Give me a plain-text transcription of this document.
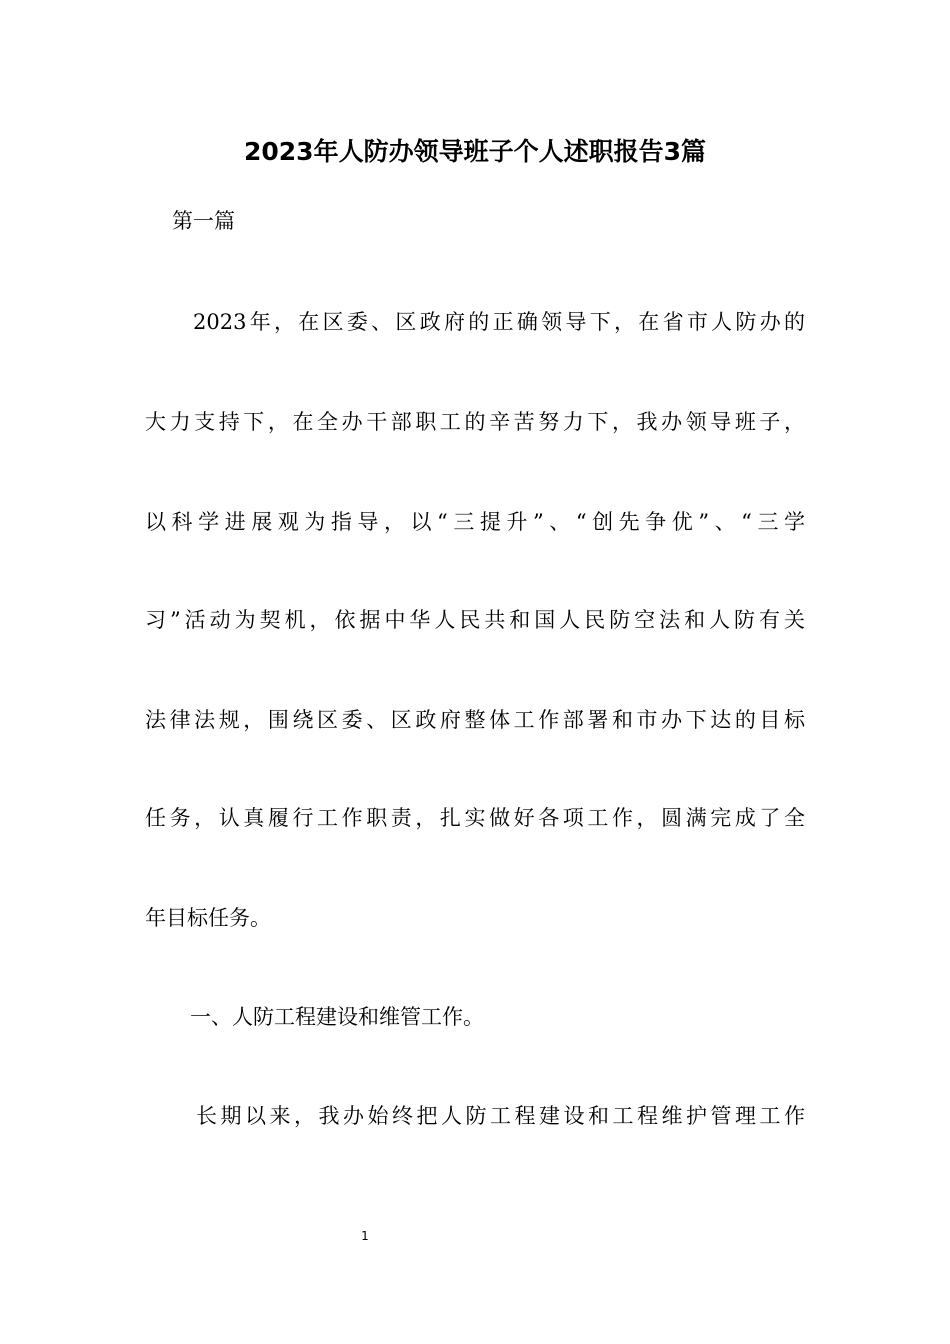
2023年人防办领导班子个人述职报告3篇
第一篇
2023年，在区委、区政府的正确领导下，在省市人防办的
大力支持下，在全办干部职工的辛苦努力下，我办领导班子，
以科学进展观为指导，以“三提升”、“创先争优”、“三学
习”活动为契机，依据中华人民共和国人民防空法和人防有关
法律法规，围绕区委、区政府整体工作部署和市办下达的目标
任务，认真履行工作职责，扎实做好各项工作，圆满完成了全
年目标任务。
一、人防工程建设和维管工作。
长期以来，我办始终把人防工程建设和工程维护管理工作
1
